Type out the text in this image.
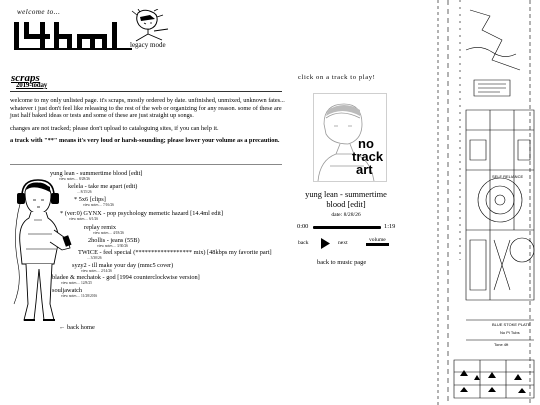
welcome to...
legacy mode
scraps
2019-today

welcome to my only unlisted page. it's scraps, mostly ordered by date. unfinished, unmixed, unknown fates... whatever i just don't feel like releasing to the rest of the web or organizing for any reason. some of these are just half baked ideas or tests and some of these are just straight up songs.

changes are not tracked; please don't upload to cataloguing sites, if you can help it.

a track with "**" means it's very loud or harsh-sounding; please lower your volume as a precaution.

yung lean - summertime blood [edit]
view notes ... 8/28/26
kelela - take me apart (edit)
... 8/15/26
* 5x6 [clips]
view notes ... 7/16/26
* (ver:0) GYNX - pop psychology memetic hazard [14.4ml edit]
view notes ... 6/1/26
replay remix
view notes ... 4/18/26
2hollis - jeans (55B)
view notes ... 3/30/26
TWICE - feel special (****************** mix) [48kbps my favorite part]
... 3/30/26
syzy2 - ill make your day (mmc5 cover)
view notes ... 2/14/26
bladee & mechatok - god [1994 counterclockwise version]
view notes ... 12/8/25
souljawatch
view notes ... 11/28/2016
← back home
click on a track to play!
no
track
art
yung lean - summertime blood [edit]
date: 8/28/26
0:00	1:19
back	next	volume
back to music page
SELF RELIANCE
BLUE STOKE PLATE
No Pi Tubs
Tone 4ft
